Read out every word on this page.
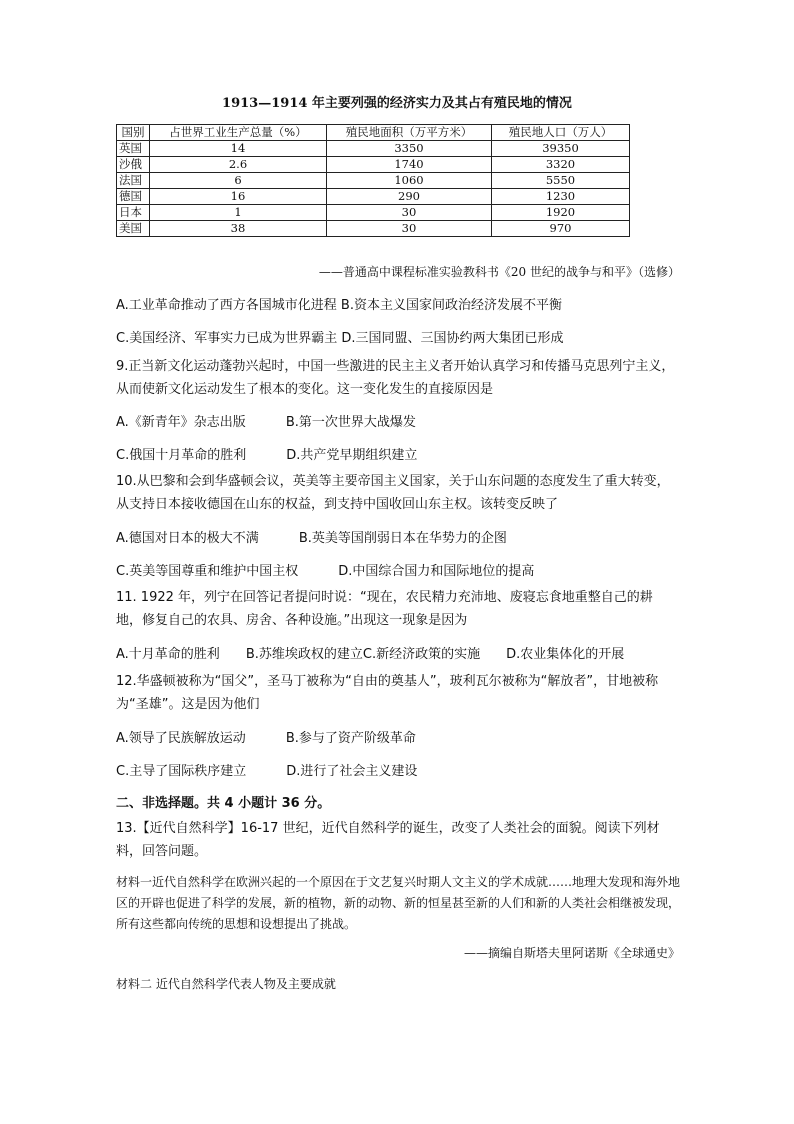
1913—1914 年主要列强的经济实力及其占有殖民地的情况
国别	占世界工业生产总量（%）	殖民地面积（万平方米）	殖民地人口（万人）
英国	14	3350	39350
沙俄	2.6	1740	3320
法国	6	1060	5550
德国	16	290	1230
日本	1	30	1920
美国	38	30	970
——普通高中课程标准实验教科书《20 世纪的战争与和平》（选修）
A.工业革命推动了西方各国城市化进程 B.资本主义国家间政治经济发展不平衡
C.美国经济、军事实力已成为世界霸主 D.三国同盟、三国协约两大集团已形成
9.正当新文化运动蓬勃兴起时，中国一些激进的民主主义者开始认真学习和传播马克思列宁主义，从而使新文化运动发生了根本的变化。这一变化发生的直接原因是
A.《新青年》杂志出版	B.第一次世界大战爆发
C.俄国十月革命的胜利	D.共产党早期组织建立
10.从巴黎和会到华盛顿会议，英美等主要帝国主义国家，关于山东问题的态度发生了重大转变，从支持日本接收德国在山东的权益，到支持中国收回山东主权。该转变反映了
A.德国对日本的极大不满	B.英美等国削弱日本在华势力的企图
C.英美等国尊重和维护中国主权	D.中国综合国力和国际地位的提高
11. 1922 年，列宁在回答记者提问时说：“现在，农民精力充沛地、废寝忘食地重整自己的耕地，修复自己的农具、房舍、各种设施。”出现这一现象是因为
A.十月革命的胜利 B.苏维埃政权的建立C.新经济政策的实施 D.农业集体化的开展
12.华盛顿被称为“国父”，圣马丁被称为“自由的奠基人”，玻利瓦尔被称为“解放者”，甘地被称 为“圣雄”。这是因为他们
A.领导了民族解放运动	B.参与了资产阶级革命
C.主导了国际秩序建立	D.进行了社会主义建设
二、非选择题。共 4 小题计 36 分。
13.【近代自然科学】16-17 世纪，近代自然科学的诞生，改变了人类社会的面貌。阅读下列材料，回答问题。
材料一近代自然科学在欧洲兴起的一个原因在于文艺复兴时期人文主义的学术成就……地理大发现和海外地区的开辟也促进了科学的发展，新的植物，新的动物、新的恒星甚至新的人们和新的人类社会相继被发现，所有这些都向传统的思想和设想提出了挑战。
——摘编自斯塔夫里阿诺斯《全球通史》
材料二 近代自然科学代表人物及主要成就
